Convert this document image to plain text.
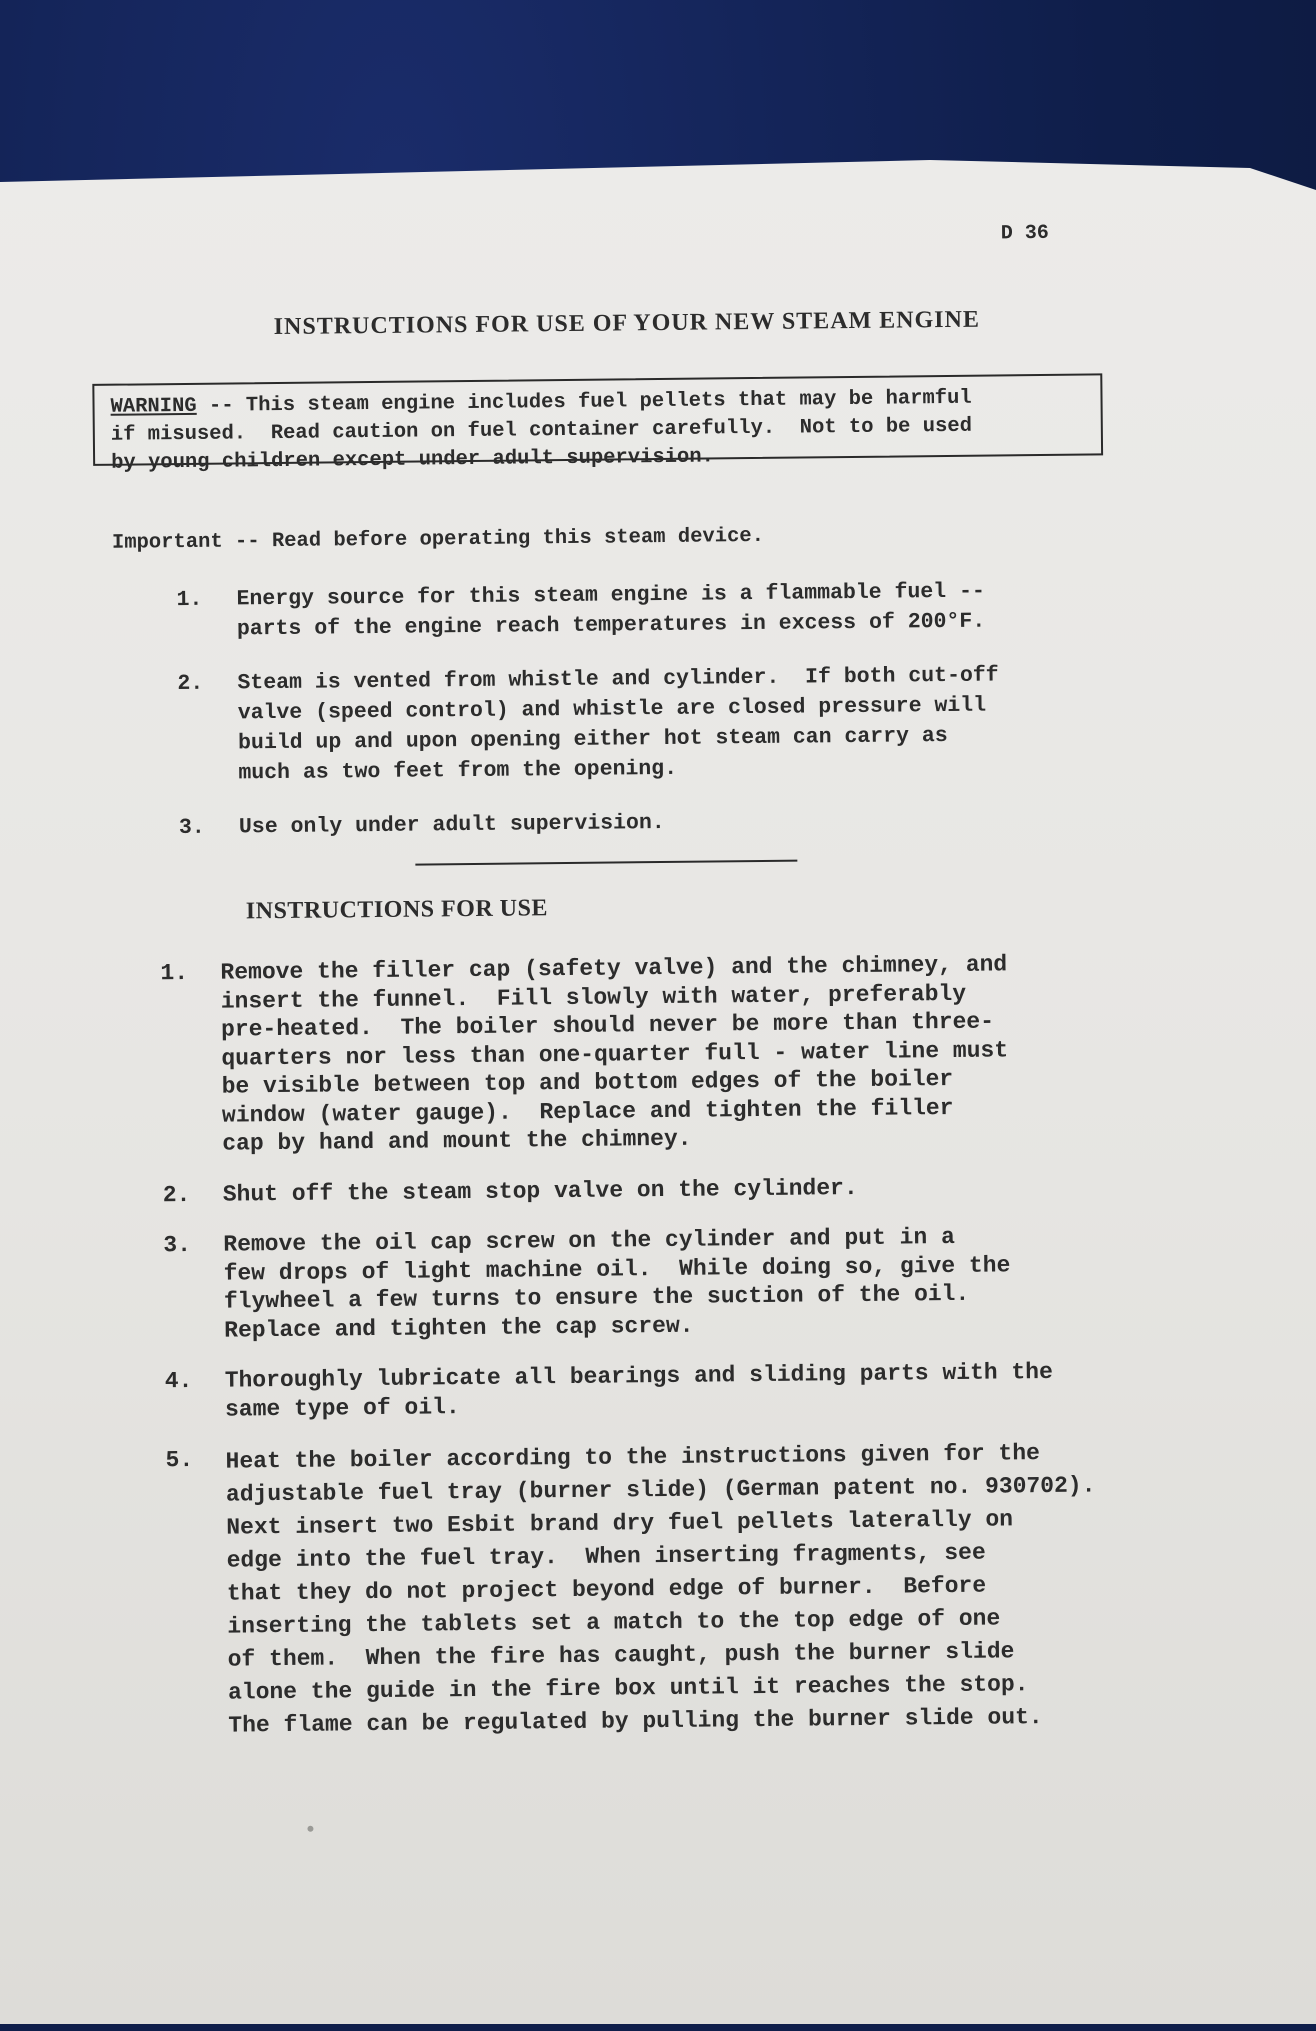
D 36
INSTRUCTIONS FOR USE OF YOUR NEW STEAM ENGINE
WARNING -- This steam engine includes fuel pellets that may be harmful
if misused.  Read caution on fuel container carefully.  Not to be used
by young children except under adult supervision.
Important -- Read before operating this steam device.
1. Energy source for this steam engine is a flammable fuel --
parts of the engine reach temperatures in excess of 200°F.
2. Steam is vented from whistle and cylinder.  If both cut-off
valve (speed control) and whistle are closed pressure will
build up and upon opening either hot steam can carry as
much as two feet from the opening.
3. Use only under adult supervision.
INSTRUCTIONS FOR USE
1. Remove the filler cap (safety valve) and the chimney, and
insert the funnel.  Fill slowly with water, preferably
pre-heated.  The boiler should never be more than three-
quarters nor less than one-quarter full - water line must
be visible between top and bottom edges of the boiler
window (water gauge).  Replace and tighten the filler
cap by hand and mount the chimney.
2. Shut off the steam stop valve on the cylinder.
3. Remove the oil cap screw on the cylinder and put in a
few drops of light machine oil.  While doing so, give the
flywheel a few turns to ensure the suction of the oil.
Replace and tighten the cap screw.
4. Thoroughly lubricate all bearings and sliding parts with the
same type of oil.
5. Heat the boiler according to the instructions given for the
adjustable fuel tray (burner slide) (German patent no. 930702).
Next insert two Esbit brand dry fuel pellets laterally on
edge into the fuel tray.  When inserting fragments, see
that they do not project beyond edge of burner.  Before
inserting the tablets set a match to the top edge of one
of them.  When the fire has caught, push the burner slide
alone the guide in the fire box until it reaches the stop.
The flame can be regulated by pulling the burner slide out.
